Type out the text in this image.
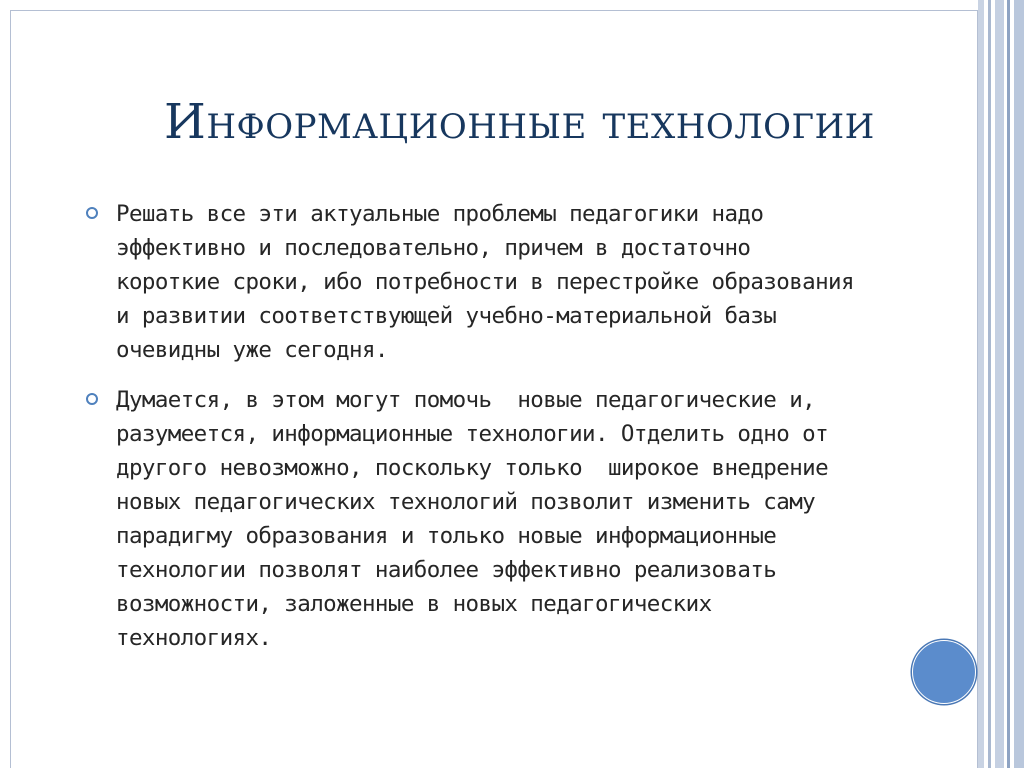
Информационные технологии
Решать все эти актуальные проблемы педагогики надо
эффективно и последовательно, причем в достаточно
короткие сроки, ибо потребности в перестройке образования
и развитии соответствующей учебно-материальной базы
очевидны уже сегодня.
Думается, в этом могут помочь  новые педагогические и,
разумеется, информационные технологии. Отделить одно от
другого невозможно, поскольку только  широкое внедрение
новых педагогических технологий позволит изменить саму
парадигму образования и только новые информационные
технологии позволят наиболее эффективно реализовать
возможности, заложенные в новых педагогических
технологиях.
